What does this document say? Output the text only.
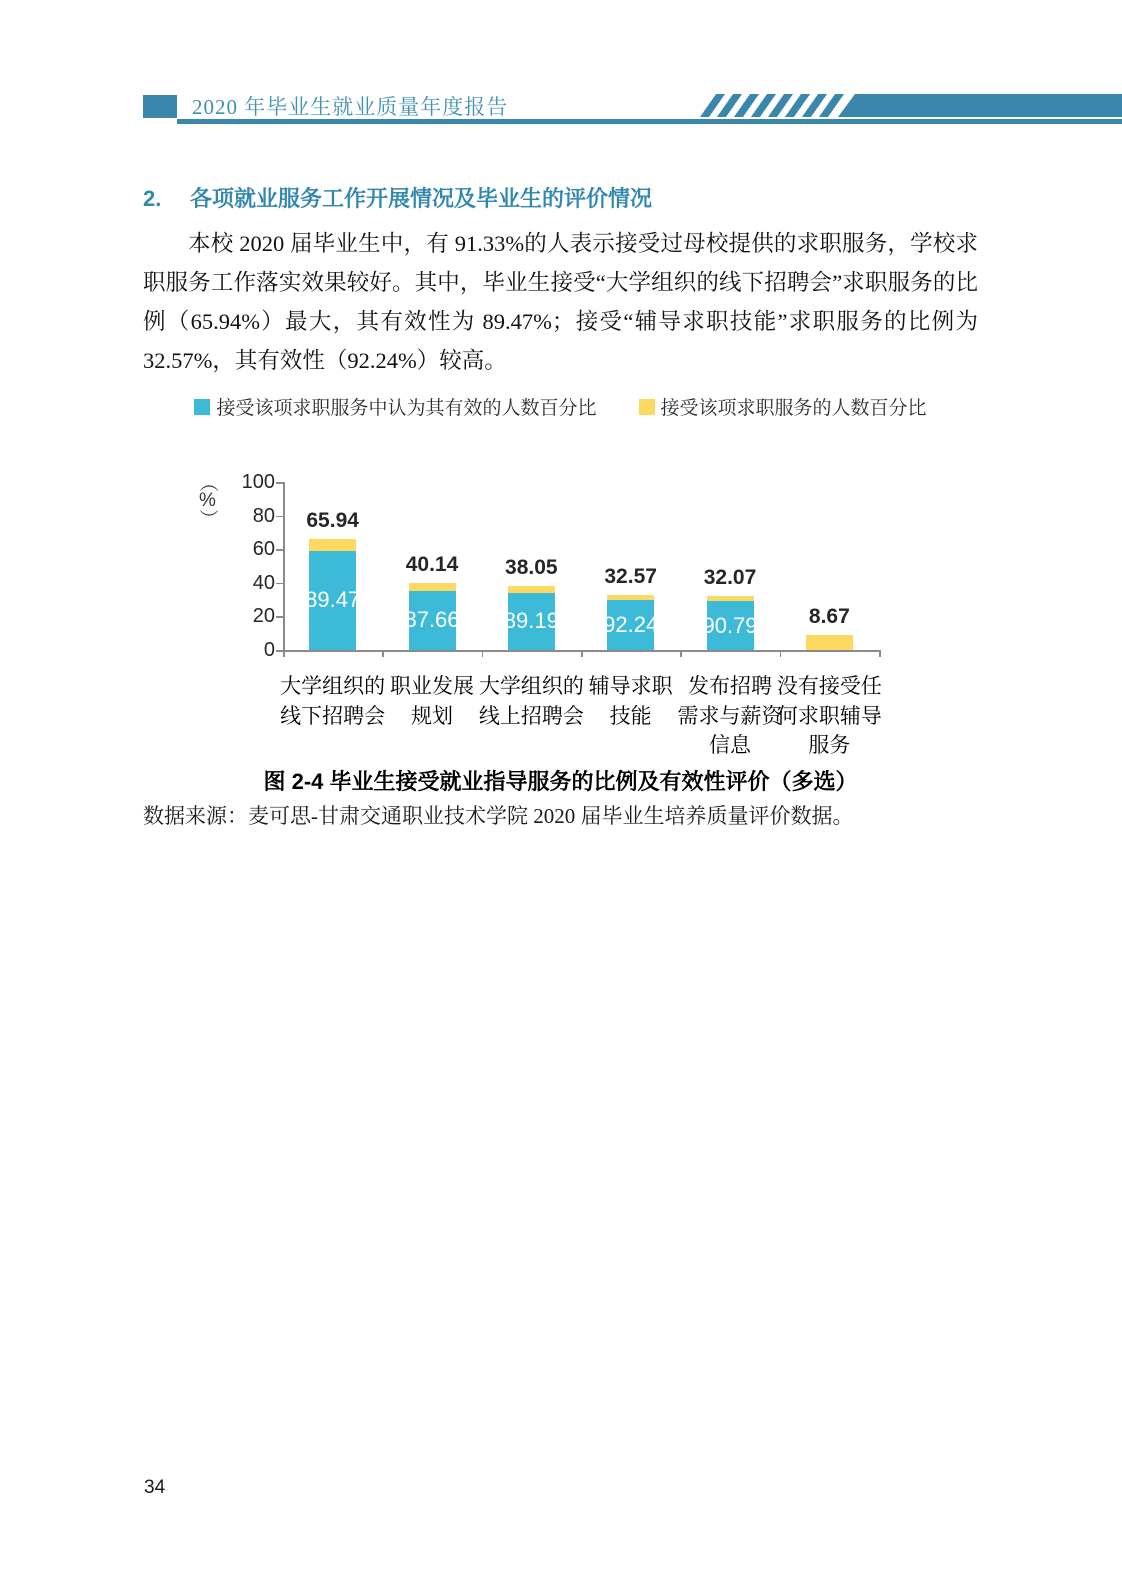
2020 年毕业生就业质量年度报告
2. 各项就业服务工作开展情况及毕业生的评价情况

本校 2020 届毕业生中，有 91.33%的人表示接受过母校提供的求职服务，学校求职服务工作落实效果较好。其中，毕业生接受“大学组织的线下招聘会”求职服务的比例（65.94%）最大，其有效性为 89.47%；接受“辅导求职技能”求职服务的比例为 32.57%，其有效性（92.24%）较高。

接受该项求职服务中认为其有效的人数百分比	接受该项求职服务的人数百分比
（
%
）
0
20
40
60
80
100
89.47
65.94
大学组织的
线下招聘会
87.66
40.14
职业发展
规划
89.19
38.05
大学组织的
线上招聘会
92.24
32.57
辅导求职
技能
90.79
32.07
发布招聘
需求与薪资
信息
8.67
没有接受任
何求职辅导
服务
图 2-4 毕业生接受就业指导服务的比例及有效性评价（多选）
数据来源：麦可思-甘肃交通职业技术学院 2020 届毕业生培养质量评价数据。
34
